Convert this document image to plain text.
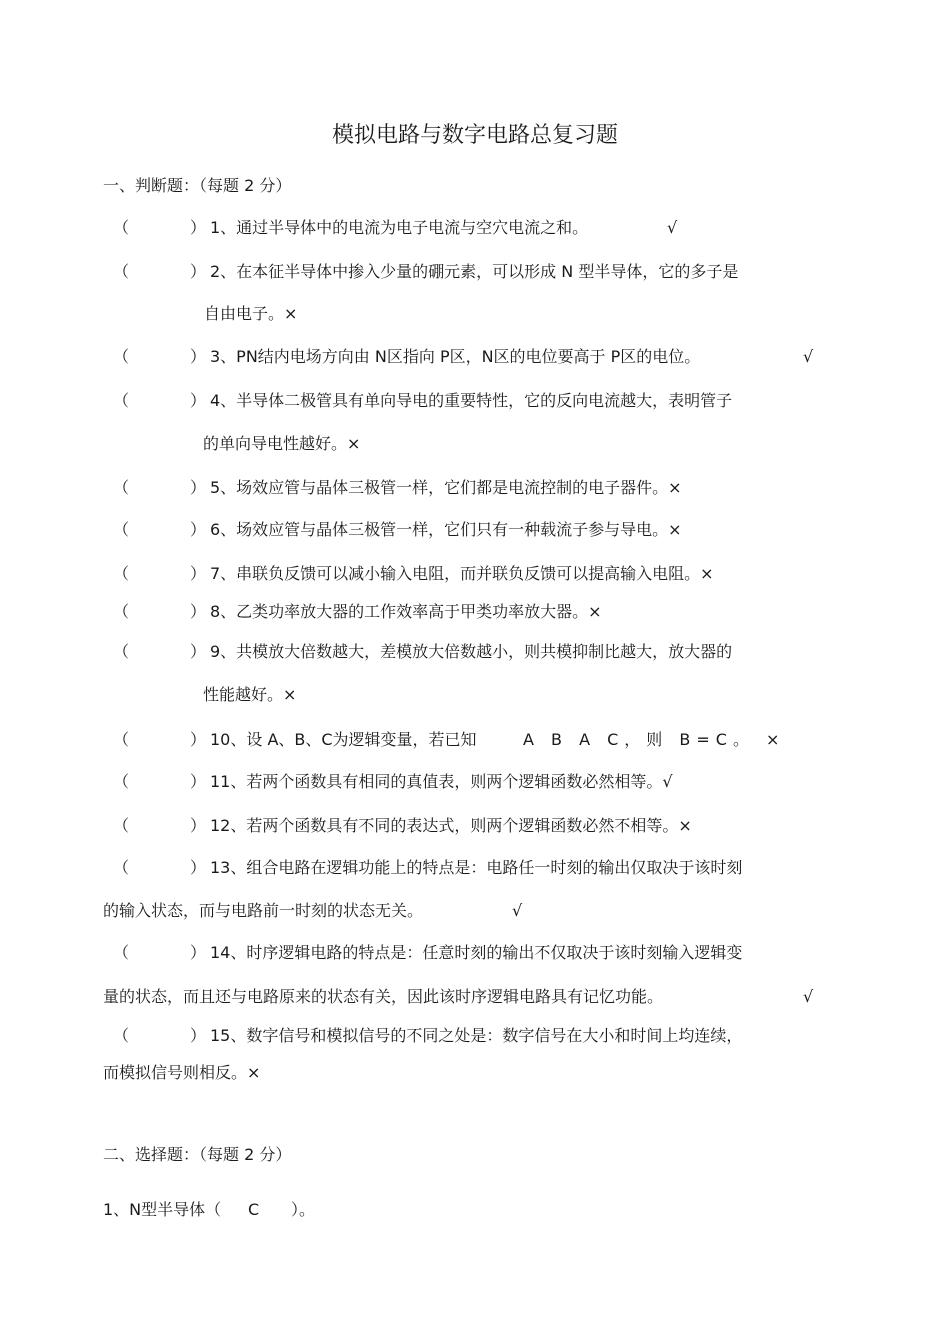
模拟电路与数字电路总复习题
一、判断题：（每题 2 分）
（	） 1、通过半导体中的电流为电子电流与空穴电流之和。	√
（	） 2、在本征半导体中掺入少量的硼元素，可以形成 N 型半导体，它的多子是
自由电子。×
（	） 3、PN结内电场方向由 N区指向 P区，N区的电位要高于 P区的电位。	√
（	） 4、半导体二极管具有单向导电的重要特性，它的反向电流越大，表明管子
的单向导电性越好。×
（	） 5、场效应管与晶体三极管一样，它们都是电流控制的电子器件。×
（	） 6、场效应管与晶体三极管一样，它们只有一种载流子参与导电。×
（	） 7、串联负反馈可以减小输入电阻，而并联负反馈可以提高输入电阻。×
（	） 8、乙类功率放大器的工作效率高于甲类功率放大器。×
（	） 9、共模放大倍数越大，差模放大倍数越小，则共模抑制比越大，放大器的
性能越好。×
（	） 10、设 A、B、C为逻辑变量，若已知	A B A C，则 B=C。 ×
（	） 11、若两个函数具有相同的真值表，则两个逻辑函数必然相等。√
（	） 12、若两个函数具有不同的表达式，则两个逻辑函数必然不相等。×
（	） 13、组合电路在逻辑功能上的特点是：电路任一时刻的输出仅取决于该时刻
的输入状态，而与电路前一时刻的状态无关。	√
（	） 14、时序逻辑电路的特点是：任意时刻的输出不仅取决于该时刻输入逻辑变
量的状态，而且还与电路原来的状态有关，因此该时序逻辑电路具有记忆功能。	√
（	） 15、数字信号和模拟信号的不同之处是：数字信号在大小和时间上均连续，
而模拟信号则相反。×
二、选择题：（每题 2 分）
1、N型半导体（ C ）。
